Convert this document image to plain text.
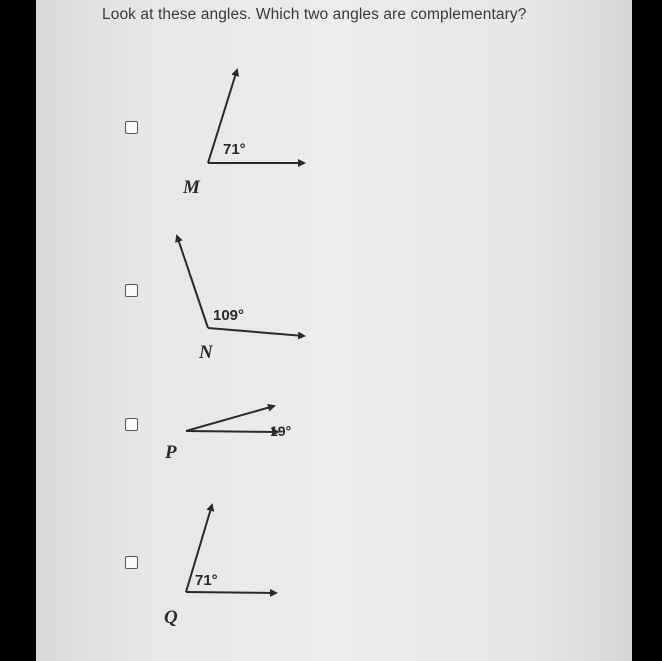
Look at these angles. Which two angles are complementary?
71°
M
109°
N
19°
P
71°
Q
